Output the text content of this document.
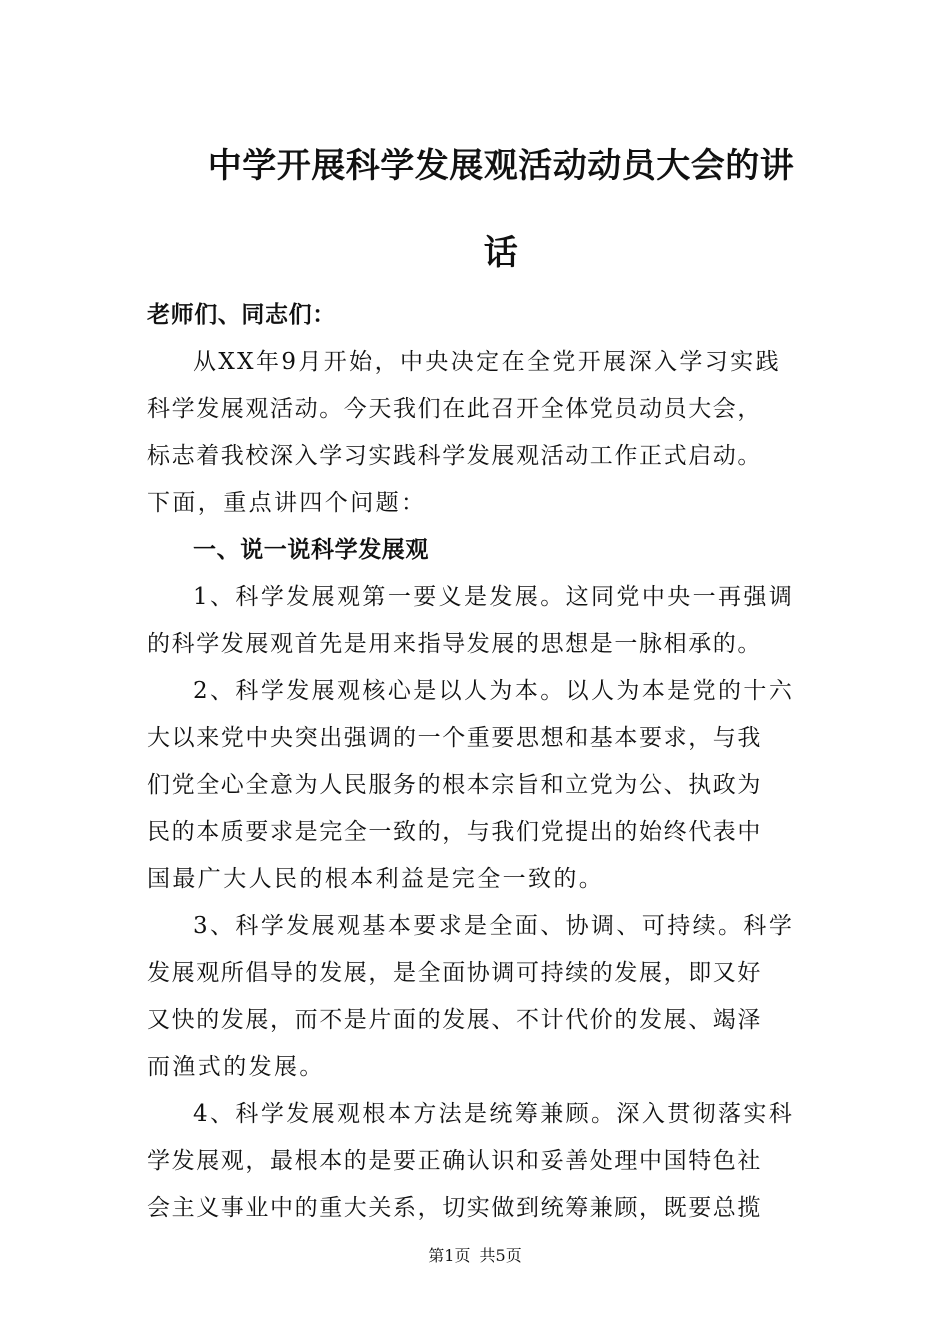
中学开展科学发展观活动动员大会的讲
话
老师们、同志们：
从XX年9月开始，中央决定在全党开展深入学习实践
科学发展观活动。今天我们在此召开全体党员动员大会，
标志着我校深入学习实践科学发展观活动工作正式启动。
下面，重点讲四个问题：
一、说一说科学发展观
1、科学发展观第一要义是发展。这同党中央一再强调
的科学发展观首先是用来指导发展的思想是一脉相承的。
2、科学发展观核心是以人为本。以人为本是党的十六
大以来党中央突出强调的一个重要思想和基本要求，与我
们党全心全意为人民服务的根本宗旨和立党为公、执政为
民的本质要求是完全一致的，与我们党提出的始终代表中
国最广大人民的根本利益是完全一致的。
3、科学发展观基本要求是全面、协调、可持续。科学
发展观所倡导的发展，是全面协调可持续的发展，即又好
又快的发展，而不是片面的发展、不计代价的发展、竭泽
而渔式的发展。
4、科学发展观根本方法是统筹兼顾。深入贯彻落实科
学发展观，最根本的是要正确认识和妥善处理中国特色社
会主义事业中的重大关系，切实做到统筹兼顾，既要总揽
第1页 共5页
